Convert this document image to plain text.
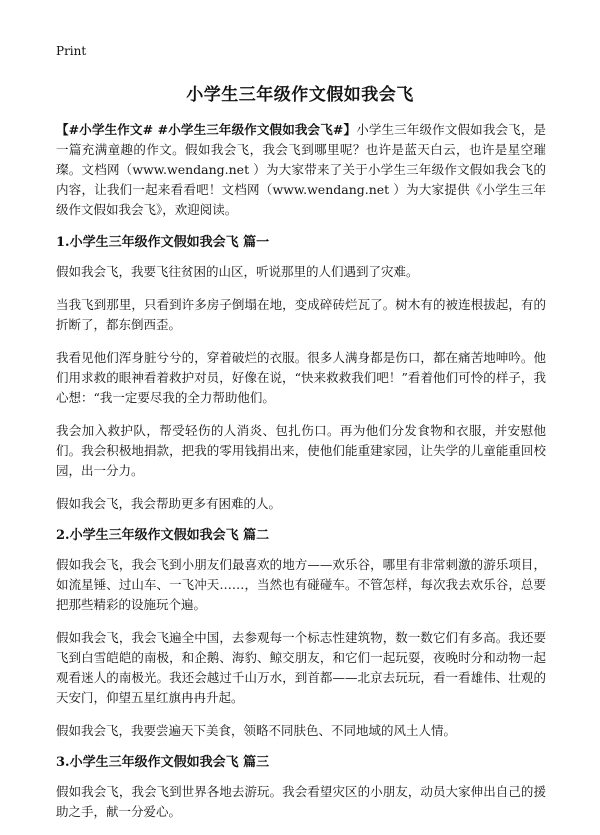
Print
小学生三年级作文假如我会飞

【#小学生作文# #小学生三年级作文假如我会飞#】小学生三年级作文假如我会飞，是一篇充满童趣的作文。假如我会飞，我会飞到哪里呢？也许是蓝天白云，也许是星空璀璨。文档网（www.wendang.net ）为大家带来了关于小学生三年级作文假如我会飞的内容，让我们一起来看看吧！文档网（www.wendang.net ）为大家提供《小学生三年级作文假如我会飞》，欢迎阅读。

1.小学生三年级作文假如我会飞 篇一

假如我会飞，我要飞往贫困的山区，听说那里的人们遇到了灾难。

当我飞到那里，只看到许多房子倒塌在地，变成碎砖烂瓦了。树木有的被连根拔起，有的折断了，都东倒西歪。

我看见他们浑身脏兮兮的，穿着破烂的衣服。很多人满身都是伤口，都在痛苦地呻吟。他们用求救的眼神看着救护对员，好像在说，“快来救救我们吧！”看着他们可怜的样子，我心想：“我一定要尽我的全力帮助他们。

我会加入救护队，帮受轻伤的人消炎、包扎伤口。再为他们分发食物和衣服，并安慰他们。我会积极地捐款，把我的零用钱捐出来，使他们能重建家园，让失学的儿童能重回校园，出一分力。

假如我会飞，我会帮助更多有困难的人。

2.小学生三年级作文假如我会飞 篇二

假如我会飞，我会飞到小朋友们最喜欢的地方——欢乐谷，哪里有非常刺激的游乐项目，如流星锤、过山车、一飞冲天……，当然也有碰碰车。不管怎样，每次我去欢乐谷，总要把那些精彩的设施玩个遍。

假如我会飞，我会飞遍全中国，去参观每一个标志性建筑物，数一数它们有多高。我还要飞到白雪皑皑的南极，和企鹅、海豹、鲸交朋友，和它们一起玩耍，夜晚时分和动物一起观看迷人的南极光。我还会越过千山万水，到首都——北京去玩玩，看一看雄伟、壮观的天安门，仰望五星红旗冉冉升起。

假如我会飞，我要尝遍天下美食，领略不同肤色、不同地域的风土人情。

3.小学生三年级作文假如我会飞 篇三

假如我会飞，我会飞到世界各地去游玩。我会看望灾区的小朋友，动员大家伸出自己的援助之手，献一分爱心。
